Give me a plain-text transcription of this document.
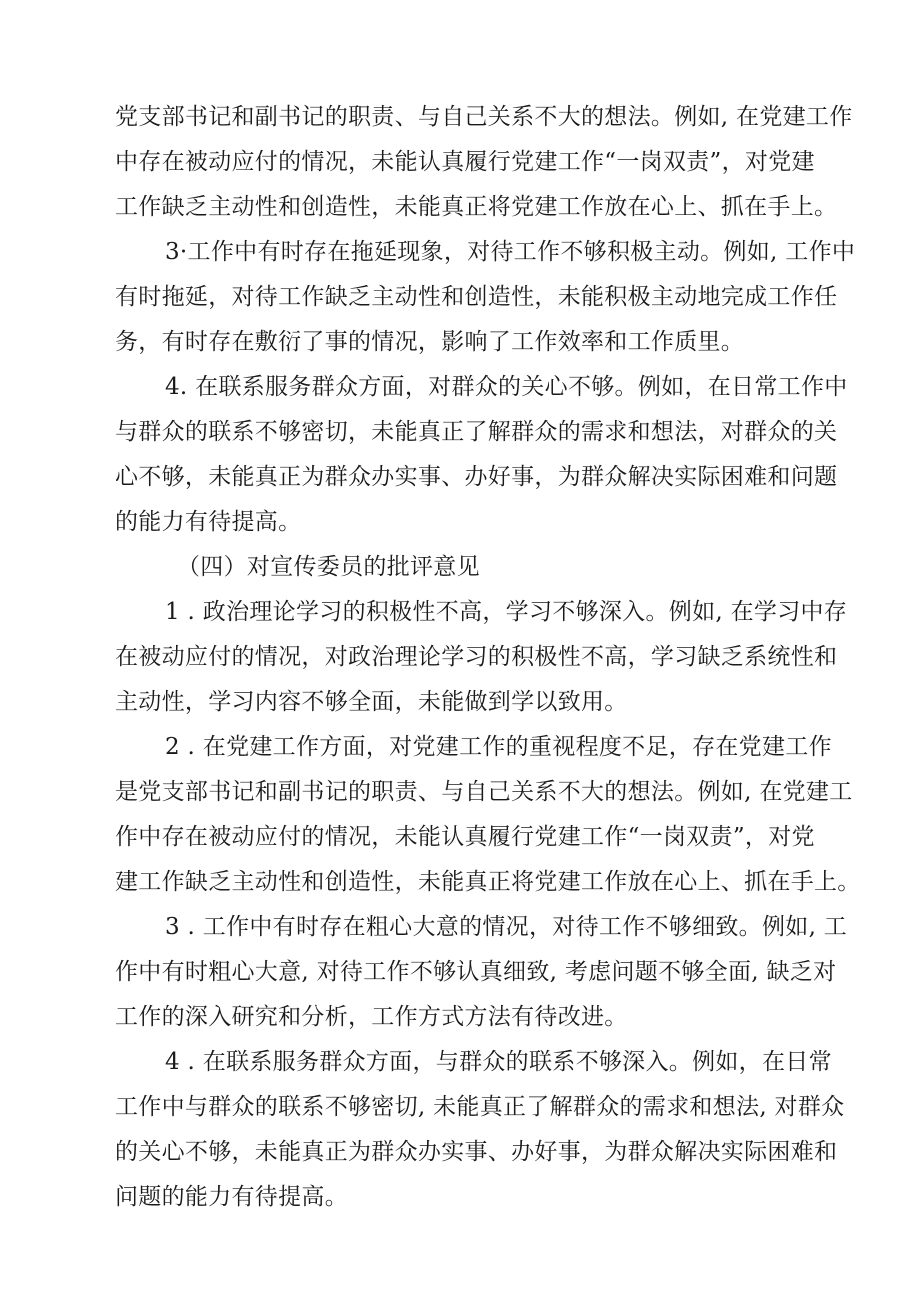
党支部书记和副书记的职责、与自己关系不大的想法。例如, 在党建工作
中存在被动应付的情况，未能认真履行党建工作“一岗双责”，对党建
工作缺乏主动性和创造性，未能真正将党建工作放在心上、抓在手上。
3·工作中有时存在拖延现象，对待工作不够积极主动。例如, 工作中
有时拖延，对待工作缺乏主动性和创造性，未能积极主动地完成工作任
务，有时存在敷衍了事的情况，影响了工作效率和工作质里。
4. 在联系服务群众方面，对群众的关心不够。例如，在日常工作中
与群众的联系不够密切，未能真正了解群众的需求和想法，对群众的关
心不够，未能真正为群众办实事、办好事，为群众解决实际困难和问题
的能力有待提高。
（四）对宣传委员的批评意见
1 . 政治理论学习的积极性不高，学习不够深入。例如, 在学习中存
在被动应付的情况，对政治理论学习的积极性不高，学习缺乏系统性和
主动性，学习内容不够全面，未能做到学以致用。
2 . 在党建工作方面，对党建工作的重视程度不足，存在党建工作
是党支部书记和副书记的职责、与自己关系不大的想法。例如, 在党建工
作中存在被动应付的情况，未能认真履行党建工作“一岗双责”，对党
建工作缺乏主动性和创造性，未能真正将党建工作放在心上、抓在手上。
3 . 工作中有时存在粗心大意的情况，对待工作不够细致。例如, 工
作中有时粗心大意, 对待工作不够认真细致, 考虑问题不够全面, 缺乏对
工作的深入研究和分析，工作方式方法有待改进。
4 . 在联系服务群众方面，与群众的联系不够深入。例如，在日常
工作中与群众的联系不够密切, 未能真正了解群众的需求和想法, 对群众
的关心不够，未能真正为群众办实事、办好事，为群众解决实际困难和
问题的能力有待提高。
